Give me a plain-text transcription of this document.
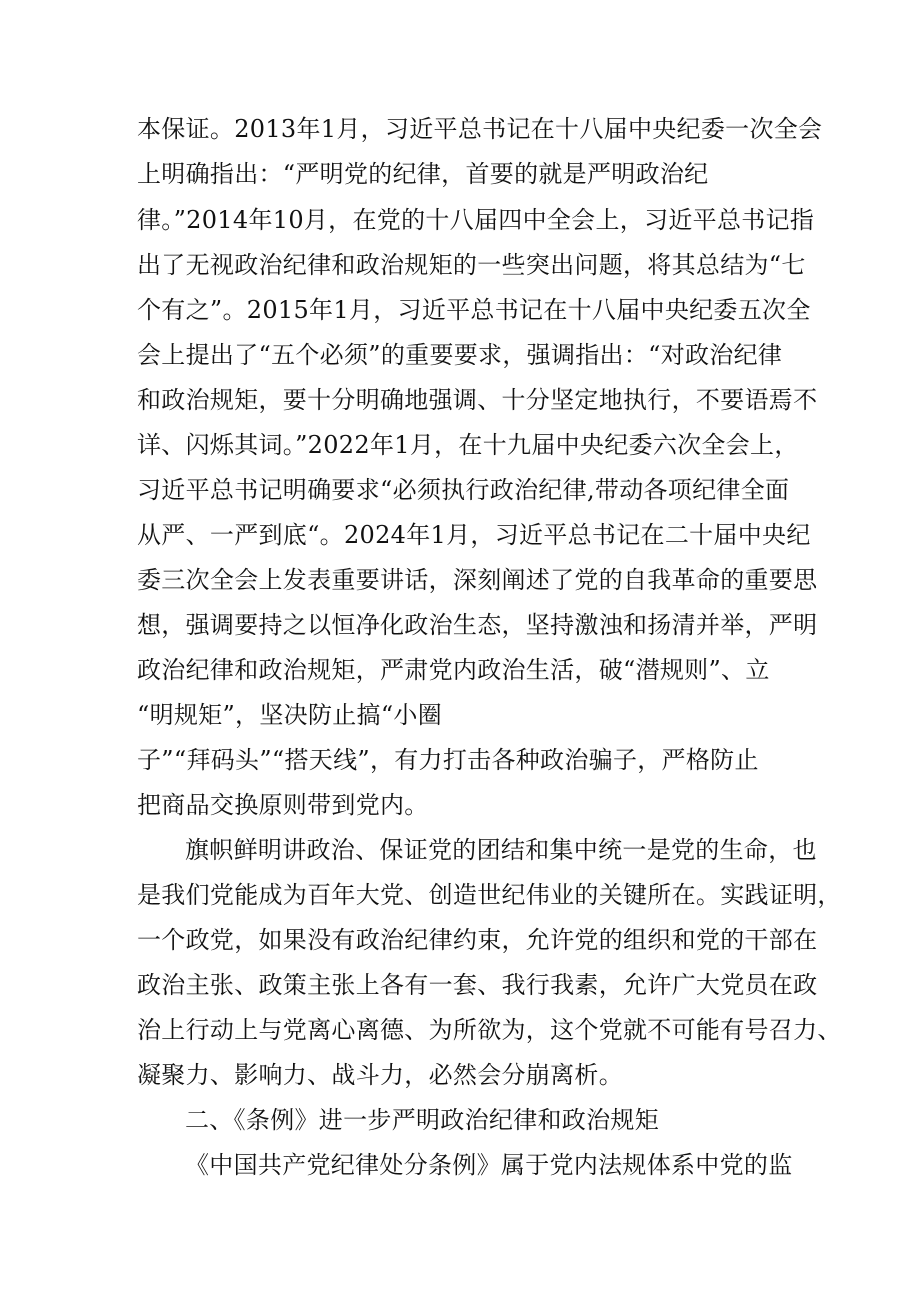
本保证。2013年1月，习近平总书记在十八届中央纪委一次全会
上明确指出：“严明党的纪律，首要的就是严明政治纪
律。”2014年10月，在党的十八届四中全会上，习近平总书记指
出了无视政治纪律和政治规矩的一些突出问题，将其总结为“七
个有之”。2015年1月，习近平总书记在十八届中央纪委五次全
会上提出了“五个必须”的重要要求，强调指出：“对政治纪律
和政治规矩，要十分明确地强调、十分坚定地执行，不要语焉不
详、闪烁其词。”2022年1月，在十九届中央纪委六次全会上，
习近平总书记明确要求“必须执行政治纪律,带动各项纪律全面
从严、一严到底“。2024年1月，习近平总书记在二十届中央纪
委三次全会上发表重要讲话，深刻阐述了党的自我革命的重要思
想，强调要持之以恒净化政治生态，坚持激浊和扬清并举，严明
政治纪律和政治规矩，严肃党内政治生活，破“潜规则”、立
“明规矩”，坚决防止搞“小圈
子”“拜码头”“搭天线”，有力打击各种政治骗子，严格防止
把商品交换原则带到党内。
旗帜鲜明讲政治、保证党的团结和集中统一是党的生命，也
是我们党能成为百年大党、创造世纪伟业的关键所在。实践证明，
一个政党，如果没有政治纪律约束，允许党的组织和党的干部在
政治主张、政策主张上各有一套、我行我素，允许广大党员在政
治上行动上与党离心离德、为所欲为，这个党就不可能有号召力、
凝聚力、影响力、战斗力，必然会分崩离析。
二、《条例》进一步严明政治纪律和政治规矩
《中国共产党纪律处分条例》属于党内法规体系中党的监
